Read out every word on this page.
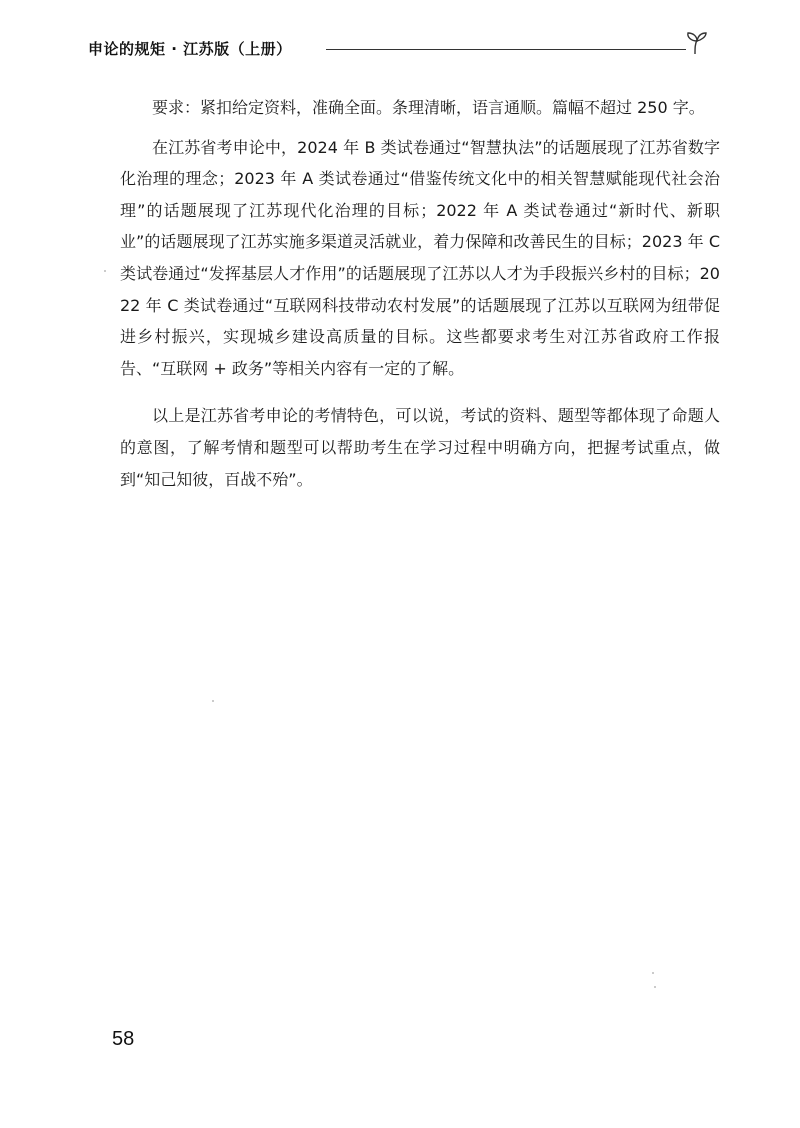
申论的规矩 · 江苏版（上册）

要求：紧扣给定资料，准确全面。条理清晰，语言通顺。篇幅不超过 250 字。

在江苏省考申论中，2024 年 B 类试卷通过“智慧执法”的话题展现了江苏省数字化治理的理念；2023 年 A 类试卷通过“借鉴传统文化中的相关智慧赋能现代社会治理”的话题展现了江苏现代化治理的目标；2022 年 A 类试卷通过“新时代、新职业”的话题展现了江苏实施多渠道灵活就业，着力保障和改善民生的目标；2023 年 C 类试卷通过“发挥基层人才作用”的话题展现了江苏以人才为手段振兴乡村的目标；2022 年 C 类试卷通过“互联网科技带动农村发展”的话题展现了江苏以互联网为纽带促进乡村振兴，实现城乡建设高质量的目标。这些都要求考生对江苏省政府工作报告、“互联网 + 政务”等相关内容有一定的了解。

以上是江苏省考申论的考情特色，可以说，考试的资料、题型等都体现了命题人的意图，了解考情和题型可以帮助考生在学习过程中明确方向，把握考试重点，做到“知己知彼，百战不殆”。

58
